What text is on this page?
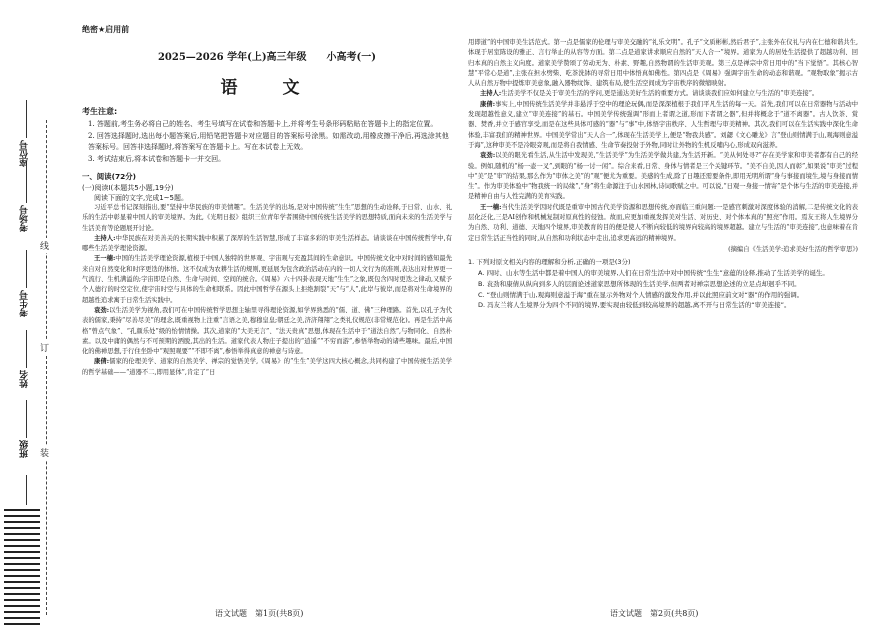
线
订
装
座位号
考场号
考生号
姓名
班级
绝密★启用前
2025—2026 学年(上)高三年级　　小高考(一)
语　文
考生注意:

1. 答题前,考生务必将自己的姓名、考生号填写在试卷和答题卡上,并将考生号条形码粘贴在答题卡上的指定位置。

2. 回答选择题时,选出每小题答案后,用铅笔把答题卡对应题目的答案标号涂黑。如需改动,用橡皮擦干净后,再选涂其他答案标号。回答非选择题时,将答案写在答题卡上。写在本试卷上无效。

3. 考试结束后,将本试卷和答题卡一并交回。

一、阅读(72分)
(一)阅读Ⅰ(本题共5小题,19分)
阅读下面的文字,完成1~5题。

习近平总书记深刻指出,要“坚持中华民族的审美情趣”。生活美学的出场,是对中国传统“生生”思想的生动诠释,于日常、山水、礼乐的生活中彰显着中国人的审美境界。为此,《光明日报》组织三位青年学者围绕中国传统生活美学的思想特质,面向未来的生活美学与生活美育等论题展开讨论。

主持人:中华民族在对美善关的长期实践中积累了深厚的生活智慧,形成了丰富多彩的审美生活样态。请谈谈在中国传统哲学中,有哪些生活美学理论资源。

王一楠:中国的生活美学理论资源,植根于中国人独特的世界观、宇宙观与充盈其间的生命意识。中国传统文化中对时间的感知最先来自对自然变化和时序更迭的体悟。这不仅成为农耕生活的规则,更延展为包含政治活动在内的一切人文行为的准则,表达出对世界更一气流行、生机满溢的;宇宙即是自然、生命与时间、空间的统合。《周易》六十四卦表现天地“生生”之象,既包含四时更迭之律动,又赋予个人德行的时空定位,使宇宙时空与具体的生命相联系。因此中国哲学在源头上拒绝割裂“天”与“人”,此岸与彼岸,而是将对生命境界的超越性追求寓于日常生活实践中。

袁劲:以生活美学为视角,我们可在中国传统哲学思想主轴里寻得理论资源,如学界熟悉的“儒、道、佛”三种理路。首先,以孔子为代表的儒家,秉持“尽善尽美”的理念,既重视物上注重“言语之美,穆穆皇皇;朝廷之美,济济翔翔”之类礼仪规范(非常规范化)。再是生活中高格“曾点气象”、“孔颜乐处”级的怡情情操。其次,道家的“大美无言”、“法天贵真”思想,体现在生活中于“道法自然”,与物同化、自然朴素。以及中庸的偶然与不可预期的洒脱,其出的生活。道家代表人物庄子提出的“逍遥”“不穷而游”,参悟举物动的诸些趣味。最后,中国化的佛禅思想,于行住坐卧中“观照观要”“不即不离”,参悟举得真意的禅意与诗意。

康倩:儒家的伦理美学、道家的自然美学、禅宗的觉悟美学,《周易》的“生生”美学这四大核心概念,共同构建了中国传统生活美学的哲学基础——“道器不二,即用显体”,肯定了“日

语文试题　第1页(共8页)

用即道”的中国审美生活范式。第一点是儒家的伦理与审美交融的“礼乐文明”。孔子“文质彬彬,然后君子”,主张外在仪礼与内在仁德和谐共生,体现于居室陈设的雅正、言行举止的从容等方面。第二点是道家讲求顺应自然的“天人合一”境界。道家为人的居处生活提供了超越功利、回归本真的自然主义向度。道家美学赞颂了劳动无为、朴素、野趣,自然物谓的生活审美观。第三点是禅宗中常日用中的“当下觉悟”。其核心智慧“平常心是道”,主张在担水劈柴、吃茶洗钵的寻常日用中体悟真如佛性。第四点是《周易》强调宇宙生命的动态和谐观。“观物取象”揭示古人从自然万物中提炼审美意象,融入器物纹饰、建筑布局,使生活空间成为宇宙秩序的微缩映射。

主持人:生活美学不仅是关于审美生活的学问,更是通达美好生活的重要方式。请谈谈我们应如何建立与生活的“审美连接”。

康倩:事实上,中国传统生活美学并非悬浮于空中的理论玩偶,而是深深植根于我们平凡生活的每一天。首先,我们可以在日常器物与活动中发现超越性意义,建立“审美连接”的基石。中国美学传统强调“形而上者谓之道,形而下者谓之器”,但并将概念于“道不离器”。古人饮茶、赏器、焚香,并立于感官享受,而是在这些具体可感的“器”与“事”中,体悟宇宙秩序、人生哲理与审美精神。其次,我们可以在生活实践中深化生命体验,丰富我们的精神世界。中国美学常出“天人合一”,体现在生活美学上,便是“物我共感”。刘勰《文心雕龙》言“登山则情满于山,观海则意溢于海”,这种审美不是冷眼旁观,而是将自我情感、生命节奏投射于外物,同时让外物的生机反哺内心,形成双向滋养。

袁劲:以美的眼光看生活,从生活中发现美,“生活美学”为生活美学做共建,为生活开新。“美从何处寻?”存在美学家和审美者都有自己的经验。例如,随机的“杨一壶一叉”,到眼的“杨一讨一闲”。综合来看,日常、身体与情者是三个关键环节。“美不自美,因人而彰”,如果说“审美”过程中“美”是“审”的结果,那么作为“审体之美”的“观”便尤为重要。美感的生成,除了日趣还需要条件,即用无明所谓“身与事接而境生,境与身接而情生”。作为审美体验中“物我统一的局缘”,“身”将生命源注于山水园林,诗词歌赋之中。可以说,“日观一身接一情寄”是个体与生活的审美连接,并是精神自由与人性完满的美育实践。

王一楠:当代生活美学因时代既是重审中国古代美学资源和思想传统,亦面临三重问题:一是感官刺激对深度体验的消解,二是传统文化的表层化泛化,三是AI创作和机械复制对原真性的侵蚀。故而,应更加重视发挥美对生活、对历史、对个体本真的“照亮”作用。焉友王将人生境界分为自然、功利、道德、天地四个境界,审美教育的目的便是使人不断向较低的境界向较高的境界超越。建立与生活的“审美连接”,也意味着在肯定日常生活正当性的同时,从自然和功利状态中走出,追求更高远的精神境界。

(摘编自《生活美学:追求美好生活的哲学审思》)

1. 下列对原文相关内容的理解和分析,正确的一项是(3分)

A. 四时、山水等生活中都是着中国人的审美境界,人们在日常生活中对中国传统“生生”意蕴的诠释,推动了生活美学的诞生。

B. 袁劲和康倩从纵向到多人的层面论述道家思想所体现的生活美学,但两者对禅宗思想论述的立足点却迥乎不同。

C. “登山则情满于山,观海则意溢于海”重在显示外物对个人情感的激发作用,并以此照应前文对“器”的作用的强调。

D. 冯友兰将人生境界分为四个不同的境界,要实现由较低到较高境界的超越,离不开与日常生活的“审美连接”。

语文试题　第2页(共8页)
